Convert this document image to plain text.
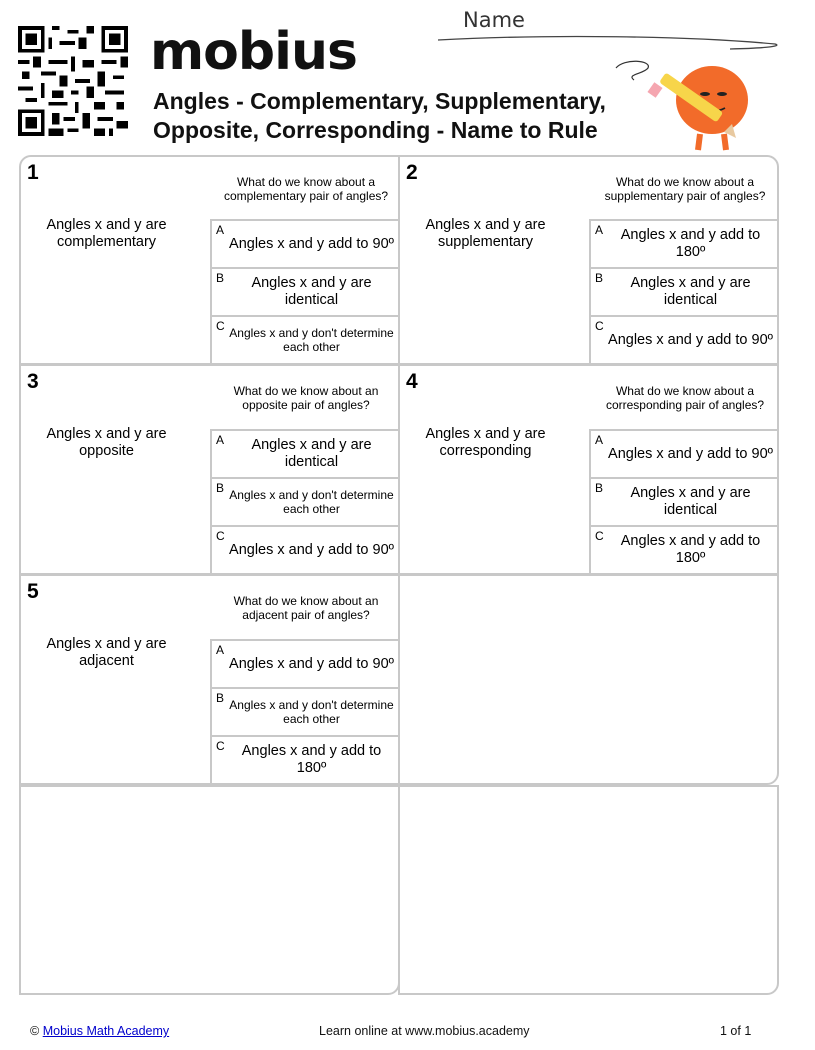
mobius
Angles - Complementary, Supplementary,
Opposite, Corresponding - Name to Rule
Name
1
Angles x and y are complementary
What do we know about a complementary pair of angles?
A
Angles x and y add to 90º
B	Angles x and y are identical
C Angles x and y don't determine each other
2
Angles x and y are supplementary
What do we know about a supplementary pair of angles?
A	Angles x and y add to 180º
B	Angles x and y are identical
C
Angles x and y add to 90º
3
Angles x and y are opposite
What do we know about an opposite pair of angles?
A	Angles x and y are identical
B Angles x and y don't determine each other
C
Angles x and y add to 90º
4
Angles x and y are corresponding
What do we know about a corresponding pair of angles?
A
Angles x and y add to 90º
B	Angles x and y are identical
C	Angles x and y add to 180º
5
Angles x and y are adjacent
What do we know about an adjacent pair of angles?
A
Angles x and y add to 90º
B Angles x and y don't determine each other
C	Angles x and y add to 180º
© Mobius Math Academy	Learn online at www.mobius.academy	1 of 1
